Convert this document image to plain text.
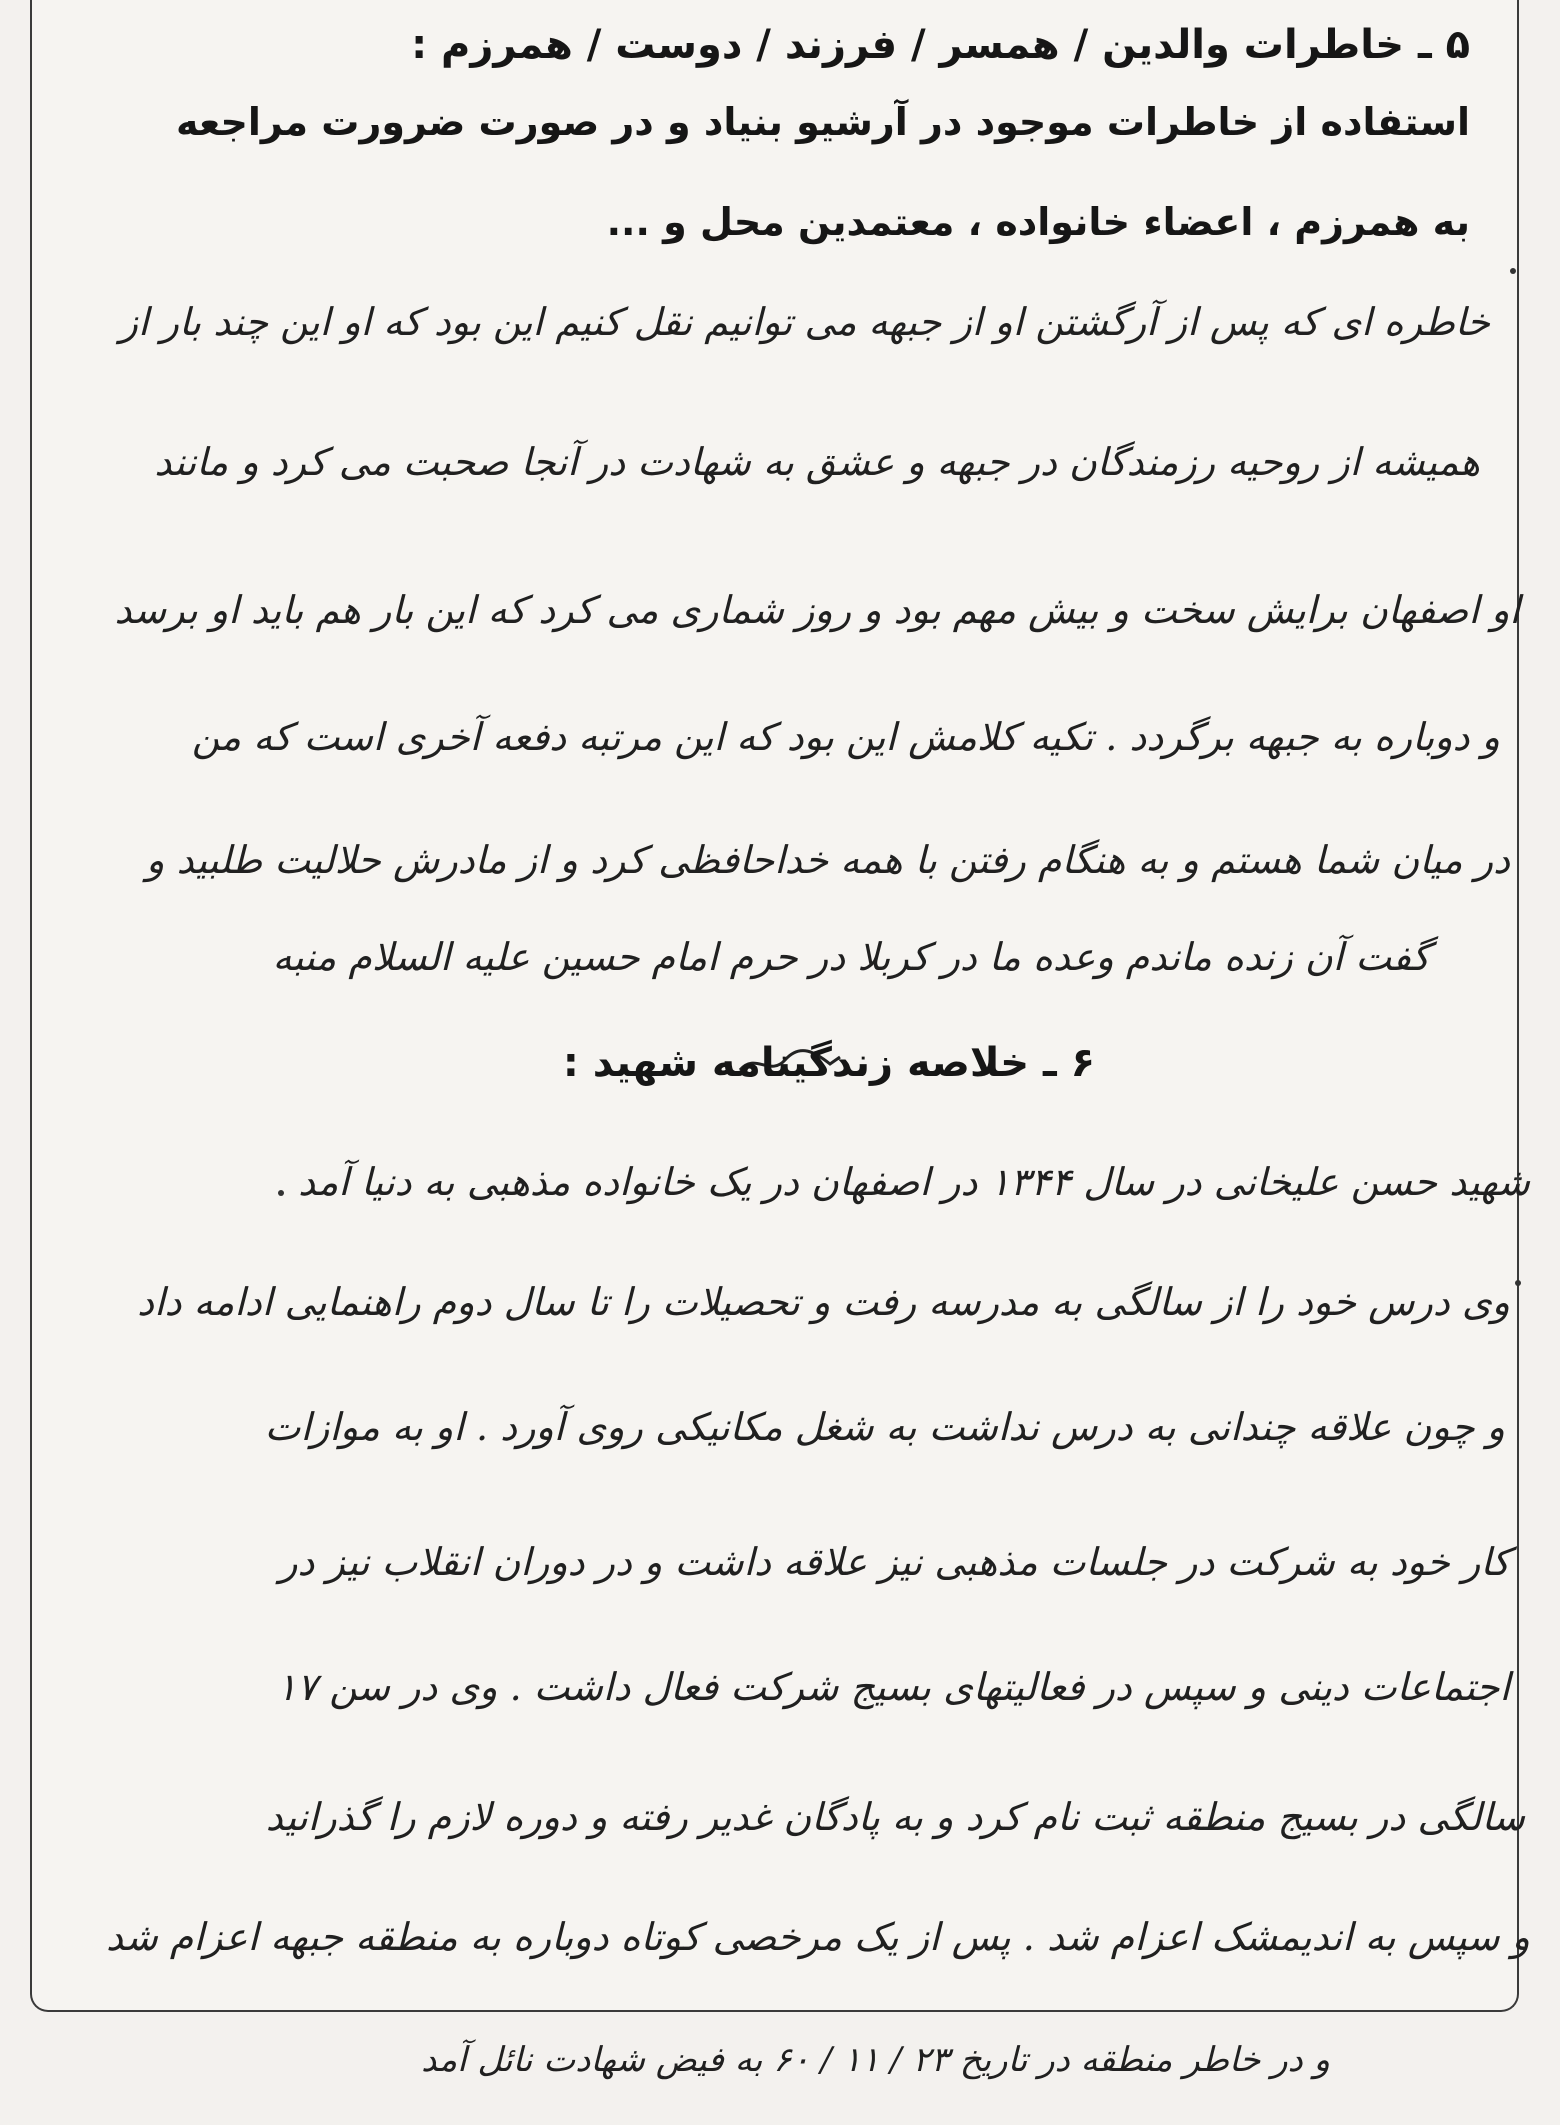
۵ ـ خاطرات والدین / همسر / فرزند / دوست / همرزم :
استفاده از خاطرات موجود در آرشیو بنیاد و در صورت ضرورت مراجعه
به همرزم ، اعضاء خانواده ، معتمدین محل و ...
خاطره ای که پس از آرگشتن او از جبهه می توانیم نقل کنیم این بود که او این چند بار از
همیشه از روحیه رزمندگان در جبهه و عشق به شهادت در آنجا صحبت می کرد و مانند
او اصفهان برایش سخت و بیش مهم بود و روز شماری می کرد که این بار هم باید او برسد
و دوباره به جبهه برگردد . تکیه کلامش این بود که این مرتبه دفعه آخری است که من
در میان شما هستم و به هنگام رفتن با همه خداحافظی کرد و از مادرش حلالیت طلبید و
گفت آن زنده ماندم وعده ما در کربلا در حرم امام حسین علیه السلام منبه
۶ ـ خلاصه زندگینامه شهید :
شهید حسن علیخانی در سال ۱۳۴۴ در اصفهان در یک خانواده مذهبی به دنیا آمد
وی درس خود را از سالگی به مدرسه رفت و تحصیلات را تا سال دوم راهنمایی ادامه داد
و چون علاقه چندانی به درس نداشت به شغل مکانیکی روی آورد . او به موازات
کار خود به شرکت در جلسات مذهبی نیز علاقه داشت و در دوران انقلاب نیز در
اجتماعات دینی و سپس در فعالیتهای بسیج شرکت فعال داشت . وی در سن ۱۷
سالگی در بسیج منطقه ثبت نام کرد و به پادگان غدیر رفته و دوره لازم را گذرانید
و سپس به اندیمشک اعزام شد . پس از یک مرخصی کوتاه دوباره به منطقه جبهه اعزام شد
و در خاطر منطقه در تاریخ ۲۳ / ۱۱ / ۶۰ به فیض شهادت نائل آمد
